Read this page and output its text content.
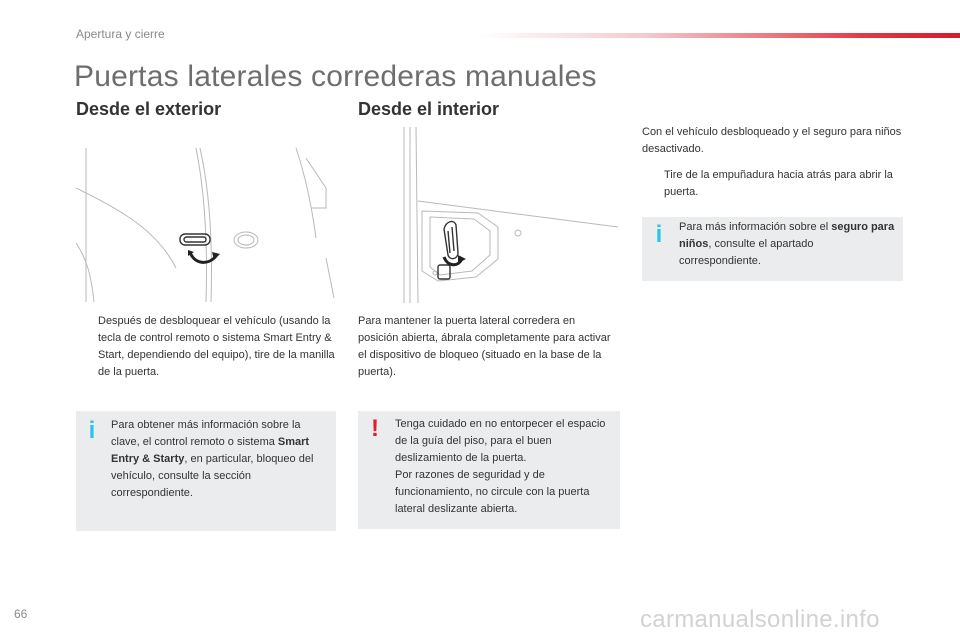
Apertura y cierre
Puertas laterales correderas manuales
Desde el exterior	Desde el interior
Después de desbloquear el vehículo (usando la tecla de control remoto o sistema Smart Entry & Start, dependiendo del equipo), tire de la manilla de la puerta.
i Para obtener más información sobre la clave, el control remoto o sistema Smart Entry & Starty, en particular, bloqueo del vehículo, consulte la sección correspondiente.
Para mantener la puerta lateral corredera en posición abierta, ábrala completamente para activar el dispositivo de bloqueo (situado en la base de la puerta).
! Tenga cuidado en no entorpecer el espacio de la guía del piso, para el buen deslizamiento de la puerta.
Por razones de seguridad y de funcionamiento, no circule con la puerta lateral deslizante abierta.
Con el vehículo desbloqueado y el seguro para niños desactivado.
Tire de la empuñadura hacia atrás para abrir la puerta.
i Para más información sobre el seguro para niños, consulte el apartado correspondiente.
66	carmanualsonline.info
